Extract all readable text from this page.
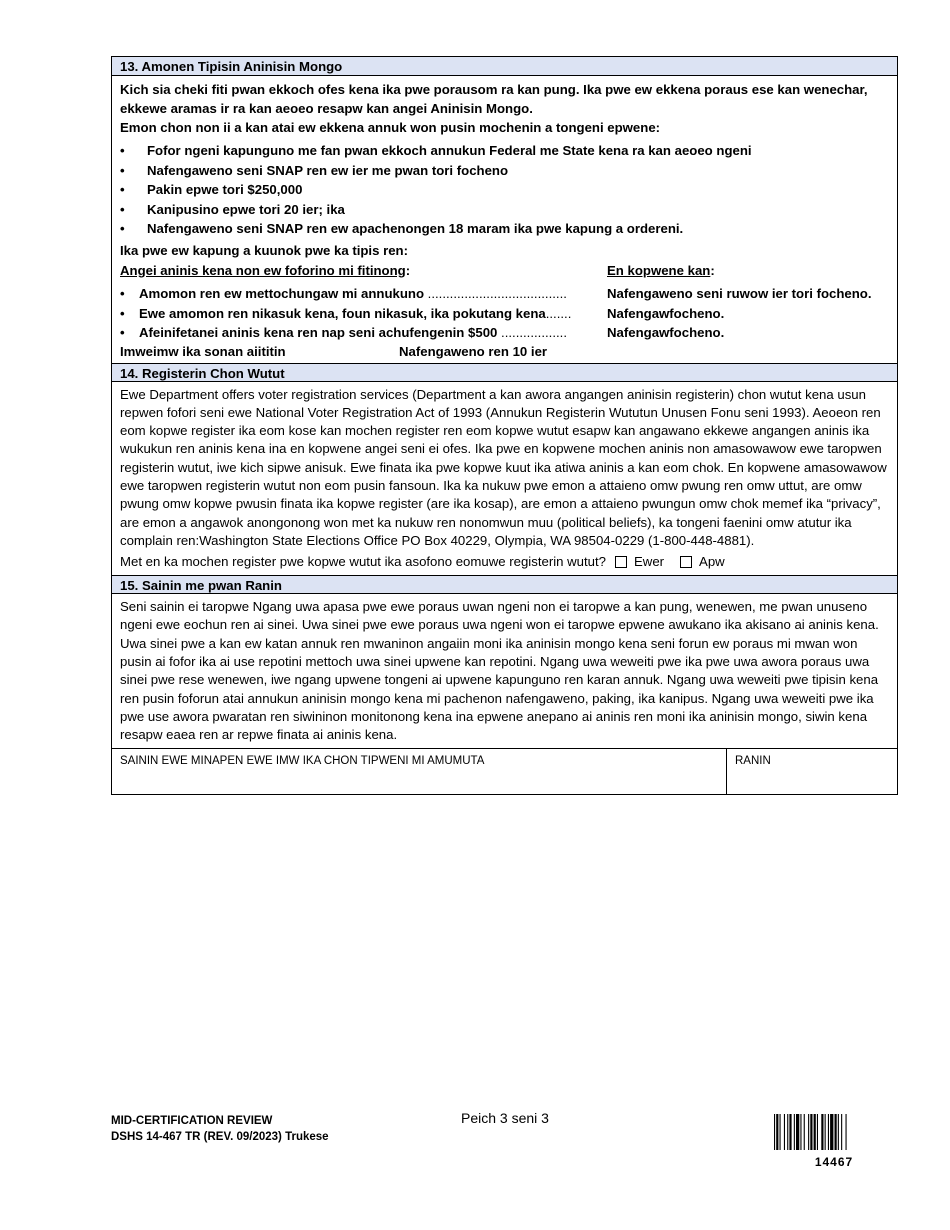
13. Amonen Tipisin Aninisin Mongo
Kich sia cheki fiti pwan ekkoch ofes kena ika pwe porausom ra kan pung. Ika pwe ew ekkena poraus ese kan wenechar, ekkewe aramas ir ra kan aeoeo resapw kan angei Aninisin Mongo.
Emon chon non ii a kan atai ew ekkena annuk won pusin mochenin a tongeni epwene:
• Fofor ngeni kapunguno me fan pwan ekkoch annukun Federal me State kena ra kan aeoeo ngeni
• Nafengaweno seni SNAP ren ew ier me pwan tori focheno
• Pakin epwe tori $250,000
• Kanipusino epwe tori 20 ier; ika
• Nafengaweno seni SNAP ren ew apachenongen 18 maram ika pwe kapung a ordereni.
Ika pwe ew kapung a kuunok pwe ka tipis ren:
Angei aninis kena non ew foforino mi fitinong:	En kopwene kan:
• Amomon ren ew mettochungaw mi annukuno ......................................	Nafengaweno seni ruwow ier tori focheno.
• Ewe amomon ren nikasuk kena, foun nikasuk, ika pokutang kena.......	Nafengawfocheno.
• Afeinifetanei aninis kena ren nap seni achufengenin $500 ..................	Nafengawfocheno.
Imweimw ika sonan aiititin	Nafengaweno ren 10 ier
14. Registerin Chon Wutut
Ewe Department offers voter registration services (Department a kan awora angangen aninisin registerin) chon wutut kena usun repwen fofori seni ewe National Voter Registration Act of 1993 (Annukun Registerin Wututun Unusen Fonu seni 1993). Aeoeon ren eom kopwe register ika eom kose kan mochen register ren eom kopwe wutut esapw kan angawano ekkewe angangen aninis ika wukukun ren aninis kena ina en kopwene angei seni ei ofes. Ika pwe en kopwene mochen aninis non amasowawow ewe taropwen registerin wutut, iwe kich sipwe anisuk. Ewe finata ika pwe kopwe kuut ika atiwa aninis a kan eom chok. En kopwene amasowawow ewe taropwen registerin wutut non eom pusin fansoun. Ika ka nukuw pwe emon a attaieno omw pwung ren omw uttut, are omw pwung omw kopwe pwusin finata ika kopwe register (are ika kosap), are emon a attaieno pwungun omw chok memef ika “privacy”, are emon a angawok anongonong won met ka nukuw ren nonomwun muu (political beliefs), ka tongeni faenini omw atutur ika complain ren:Washington State Elections Office PO Box 40229, Olympia, WA 98504-0229 (1-800-448-4881).
Met en ka mochen register pwe kopwe wutut ika asofono eomuwe registerin wutut? Ewer	Apw
15. Sainin me pwan Ranin
Seni sainin ei taropwe Ngang uwa apasa pwe ewe poraus uwan ngeni non ei taropwe a kan pung, wenewen, me pwan unuseno ngeni ewe eochun ren ai sinei. Uwa sinei pwe ewe poraus uwa ngeni won ei taropwe epwene awukano ika akisano ai aninis kena. Uwa sinei pwe a kan ew katan annuk ren mwaninon angaiin moni ika aninisin mongo kena seni forun ew poraus mi mwan won pusin ai fofor ika ai use repotini mettoch uwa sinei upwene kan repotini. Ngang uwa weweiti pwe ika pwe uwa awora poraus uwa sinei pwe rese wenewen, iwe ngang upwene tongeni ai upwene kapunguno ren karan annuk. Ngang uwa weweiti pwe tipisin kena ren pusin foforun atai annukun aninisin mongo kena mi pachenon nafengaweno, paking, ika kanipus. Ngang uwa weweiti pwe ika pwe use awora pwaratan ren siwininon monitonong kena ina epwene anepano ai aninis ren moni ika aninisin mongo, siwin kena resapw eaea ren ar repwe finata ai aninis kena.
SAININ EWE MINAPEN EWE IMW IKA CHON TIPWENI MI AMUMUTA	RANIN
MID-CERTIFICATION REVIEW
DSHS 14-467 TR (REV. 09/2023) Trukese
Peich 3 seni 3
14467
